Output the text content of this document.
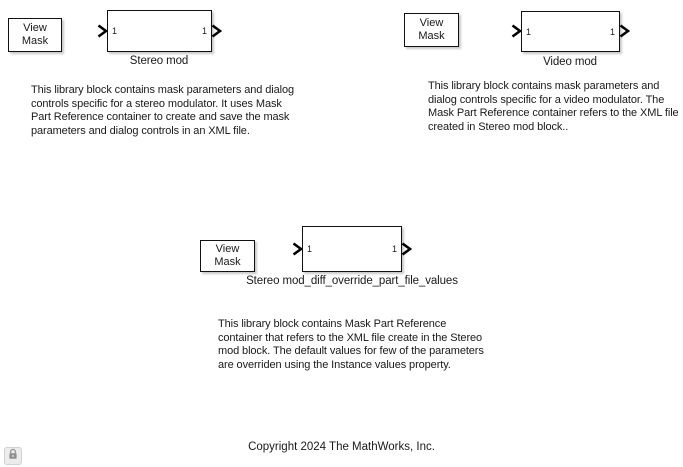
View
Mask
1	1
Stereo mod
This library block contains mask parameters and dialog
controls specific for a stereo modulator. It uses Mask
Part Reference container to create and save the mask
parameters and dialog controls in an XML file.
View
Mask	1	1
Video mod
This library block contains mask parameters and
dialog controls specific for a video modulator. The
Mask Part Reference container refers to the XML file
created in Stereo mod block..
View
Mask
1	1
Stereo mod_diff_override_part_file_values
This library block contains Mask Part Reference
container that refers to the XML file create in the Stereo
mod block. The default values for few of the parameters
are overriden using the Instance values property.
Copyright 2024 The MathWorks, Inc.
